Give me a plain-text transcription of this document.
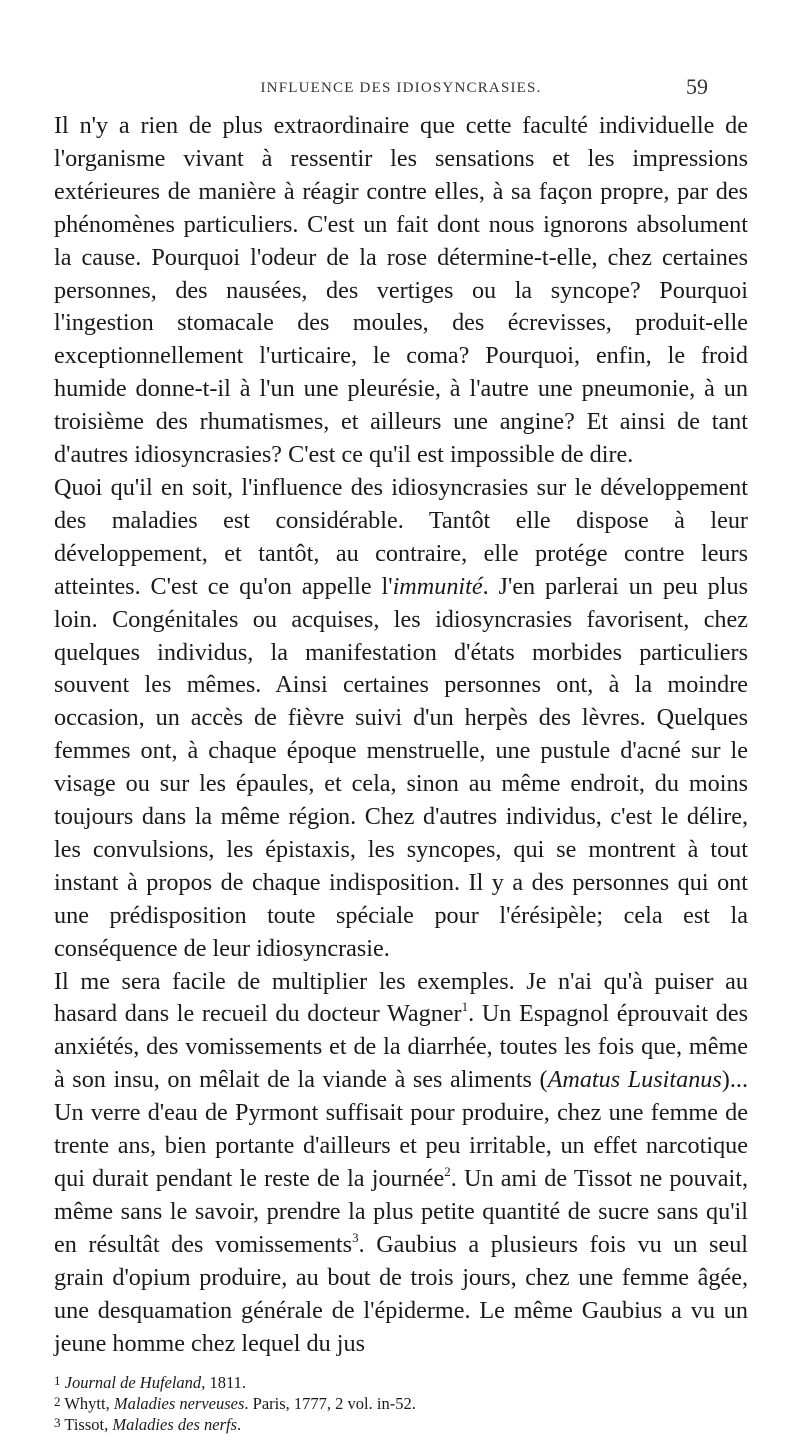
INFLUENCE DES IDIOSYNCRASIES.	59

Il n'y a rien de plus extraordinaire que cette faculté individuelle de l'organisme vivant à ressentir les sensations et les impressions extérieures de manière à réagir contre elles, à sa façon propre, par des phénomènes particuliers. C'est un fait dont nous ignorons absolument la cause. Pourquoi l'odeur de la rose détermine-t-elle, chez certaines personnes, des nausées, des vertiges ou la syncope? Pourquoi l'ingestion stomacale des moules, des écrevisses, produit-elle exceptionnellement l'urticaire, le coma? Pourquoi, enfin, le froid humide donne-t-il à l'un une pleurésie, à l'autre une pneumonie, à un troisième des rhumatismes, et ailleurs une angine? Et ainsi de tant d'autres idiosyncrasies? C'est ce qu'il est impossible de dire.

Quoi qu'il en soit, l'influence des idiosyncrasies sur le développement des maladies est considérable. Tantôt elle dispose à leur développement, et tantôt, au contraire, elle protége contre leurs atteintes. C'est ce qu'on appelle l'immunité. J'en parlerai un peu plus loin. Congénitales ou acquises, les idiosyncrasies favorisent, chez quelques individus, la manifestation d'états morbides particuliers souvent les mêmes. Ainsi certaines personnes ont, à la moindre occasion, un accès de fièvre suivi d'un herpès des lèvres. Quelques femmes ont, à chaque époque menstruelle, une pustule d'acné sur le visage ou sur les épaules, et cela, sinon au même endroit, du moins toujours dans la même région. Chez d'autres individus, c'est le délire, les convulsions, les épistaxis, les syncopes, qui se montrent à tout instant à propos de chaque indisposition. Il y a des personnes qui ont une prédisposition toute spéciale pour l'érésipèle; cela est la conséquence de leur idiosyncrasie.

Il me sera facile de multiplier les exemples. Je n'ai qu'à puiser au hasard dans le recueil du docteur Wagner$^1$. Un Espagnol éprouvait des anxiétés, des vomissements et de la diarrhée, toutes les fois que, même à son insu, on mêlait de la viande à ses aliments (Amatus Lusitanus)... Un verre d'eau de Pyrmont suffisait pour produire, chez une femme de trente ans, bien portante d'ailleurs et peu irritable, un effet narcotique qui durait pendant le reste de la journée$^2$. Un ami de Tissot ne pouvait, même sans le savoir, prendre la plus petite quantité de sucre sans qu'il en résultât des vomissements$^3$. Gaubius a plusieurs fois vu un seul grain d'opium produire, au bout de trois jours, chez une femme âgée, une desquamation générale de l'épiderme. Le même Gaubius a vu un jeune homme chez lequel du jus

$^1$ Journal de Hufeland, 1811.
$^2$ Whytt, Maladies nerveuses. Paris, 1777, 2 vol. in-52.
$^3$ Tissot, Maladies des nerfs.
